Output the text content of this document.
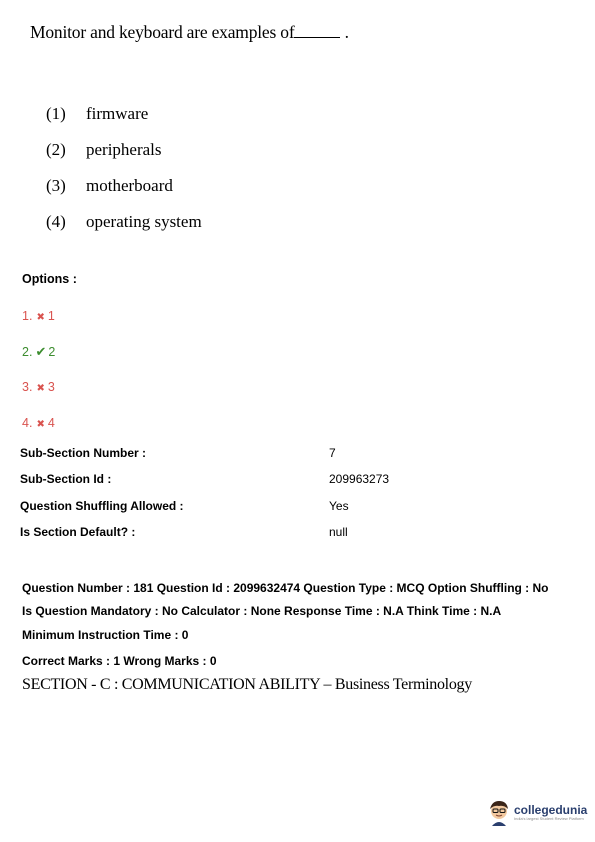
Monitor and keyboard are examples of	.
(1)	firmware
(2)	peripherals
(3)	motherboard
(4)	operating system
Options :
1. ✖ 1
2. ✔ 2
3. ✖ 3
4. ✖ 4
Sub-Section Number :	7
Sub-Section Id :	209963273
Question Shuffling Allowed :	Yes
Is Section Default? :	null
Question Number : 181 Question Id : 2099632474 Question Type : MCQ Option Shuffling : No
Is Question Mandatory : No Calculator : None Response Time : N.A Think Time : N.A
Minimum Instruction Time : 0
Correct Marks : 1 Wrong Marks : 0
SECTION - C : COMMUNICATION ABILITY – Business Terminology
collegedunia
India's largest Student Review Platform
